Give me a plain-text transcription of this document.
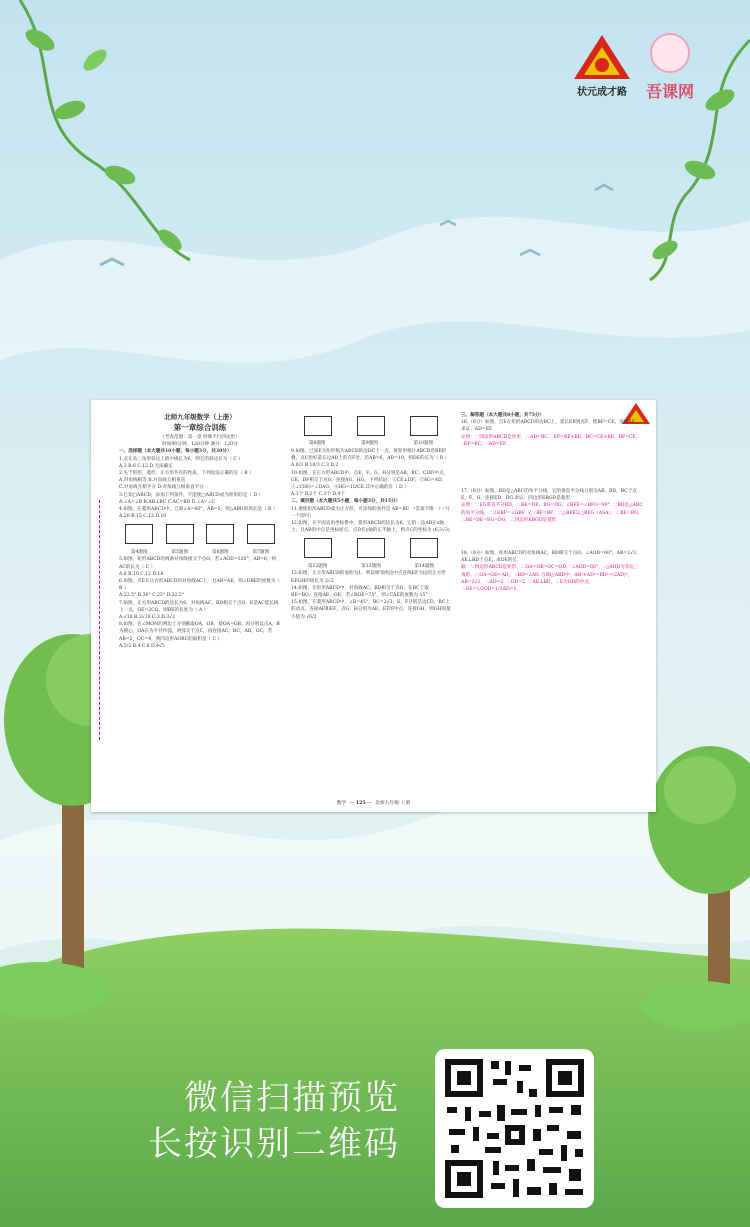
状元成才路	吾课网
北师九年级数学（上册）
第一章综合训练
（考查范围：第一章 特殊平行四边形）
时间90分钟，120分钟 满分：120分
一、选择题（本大题共10小题，每小题3分，共30分）
1.点在角三角形斜边上的中线长为6，则它的斜边长为（ C ）
A.3 B.6 C.12 D.无法确定
2.关于矩形，菱形，正方形共有的性质，下列说法正确的是（ B ）
A.对角线相等 B.对角线互相垂直
C.对角线互相平分 D.对角线互相垂直平分
3.已知□ABCD，添加下列条件，不能使□ABCD成为矩形的是（ D ）
A.∠A=∠B B.AB⊥BC C.AC=BD D.∠A=∠C
4.如图，在菱形ABCD中，已知∠A=60°，AB=5，则△ABD的周长是（ B ）
A.20 B.15 C.12 D.10
第4题图	第5题图	第6题图	第7题图
5.如图，矩形ABCD的两条对角线相交于点O，若∠AOD=120°，AB=6，则AC的长为（ C ）
A.8 B.10 C.12 D.18
6.如图，点E在正方形ABCD的对角线AC上，且AB=AE，则∠DBE的度数为（ B ）
A.22.5° B.30° C.25° D.22.5°
7.如图，正方形ABCD的边长为6，对角线AC，BD相交于点O，E是AC延长线上一点，OE=2CO，则BE的长度为（ A ）
A.√10 B.2√10 C.3 D.3√2
8.如图，在∠MON的两边上分别截取OA，OB，使OA=OB；再分别以点A，B为圆心，OA长为半径作弧，两弧交于点C，再连接AC，BC，AB，OC，若AB=2，OC=4，则四边形AOBC的面积是（ C ）
A.5/2 B.4 C.8 D.4√5
第8题图	第9题图	第10题图
9.如图，已知E为矩形纸片ABCD的边DC上一点，将矩形纸片ABCD沿BE折叠，点C恰好落在边AD上的点F处，若AB=6，AD=10，则DE的长为（ B ）
A.8/3 B.10/3 C.3 D.2
10.如图，在正方形ABCD中，点E，F，G，H分别是AB，BC，CD的中点，CE，DF相交于点G，连接AG，HG，下列结论：①CE⊥DF；②AG=AD；③∠CHG=∠DAG；④HG=1/2CE.其中正确的有（ D ）
A.1个 B.2个 C.3个 D.4个
二、填空题（本大题共5小题，每小题3分，共15分）
11.要使矩形ABCD成为正方形，可添加的条件是 AB=BC （答案不唯一）（写一个即可）
12.如图，在平面直角坐标系中，菱形ABCD的边长为6，它的一边AB在x轴上，且AB的中点是坐标原点，点D在y轴的正半轴上，则点C的坐标为 (6,3√3)
第12题图	第13题图	第14题图
13.如图，正方形ABCD的面积为1，则以相邻两边中点连线EF为边的正方形EFGH的周长为 2√2
14.如图，在矩形ABCD中，对角线AC，BD相交于点O，在BC上取BE=BO，连接AE，OE，若∠BOE=75°，则∠CAE的度数为 15°
15.如图，在菱形ABCD中，∠B=45°，BC=2√3，E，F分别是边CD，BC上的动点，连接AE和EF，点G，H分别为AE，EF的中点，连接GH，则GH的最小值为 √6/2
三、解答题（本大题共8小题，共75分）
16.（8分）如图，点E在矩形ABCD的边BC上，延长EB到点F，使BF=CE，连接AF，求证：AD=EF.
证明：∵四边形ABCD是矩形，∴AD=BC. ∵EF=BF+BE，BC=CE+BE，BF=CE，∴EF=BC，∴AD=EF.
17.（8分）如图，BD是△ABC的角平分线，它的垂直平分线分别交AB，BD，BC于点E，F，G，连接ED，DG.求证：四边形EBGD是菱形.
证明：∵EG垂直平分BD，∴BE=DE，BG=DG，∠BFE=∠BFG=90°. ∵BD是△ABC的角平分线，∴∠EBF=∠GBF. 又∵BF=BF，∴△BFE≌△BFG（ASA），∴BE=BG，∴BE=DE=BG=DG，∴四边形EBGD是菱形.
18.（8分）如图，矩形ABCD的对角线AC，BD相交于点O，∠AOD=60°，AB=2√3，AE⊥BD于点E，求OE的长.
解：∵四边形ABCD是矩形，∴OA=OB=OC=OD. ∵∠AOD=60°，∴△AOD为等边三角形，∴OA=OD=AD，∴BD=2AD. 在Rt△ABD中，AB²+AD²=BD²=(2AD)²，AB=2√3，∴AD=2. ∴OD=2. ∵AE⊥BD，∴E为OD的中点，∴OE=1/2OD=1/2AD=1.
数学  — 125 —  北师九年级·上册
微信扫描预览
长按识别二维码
